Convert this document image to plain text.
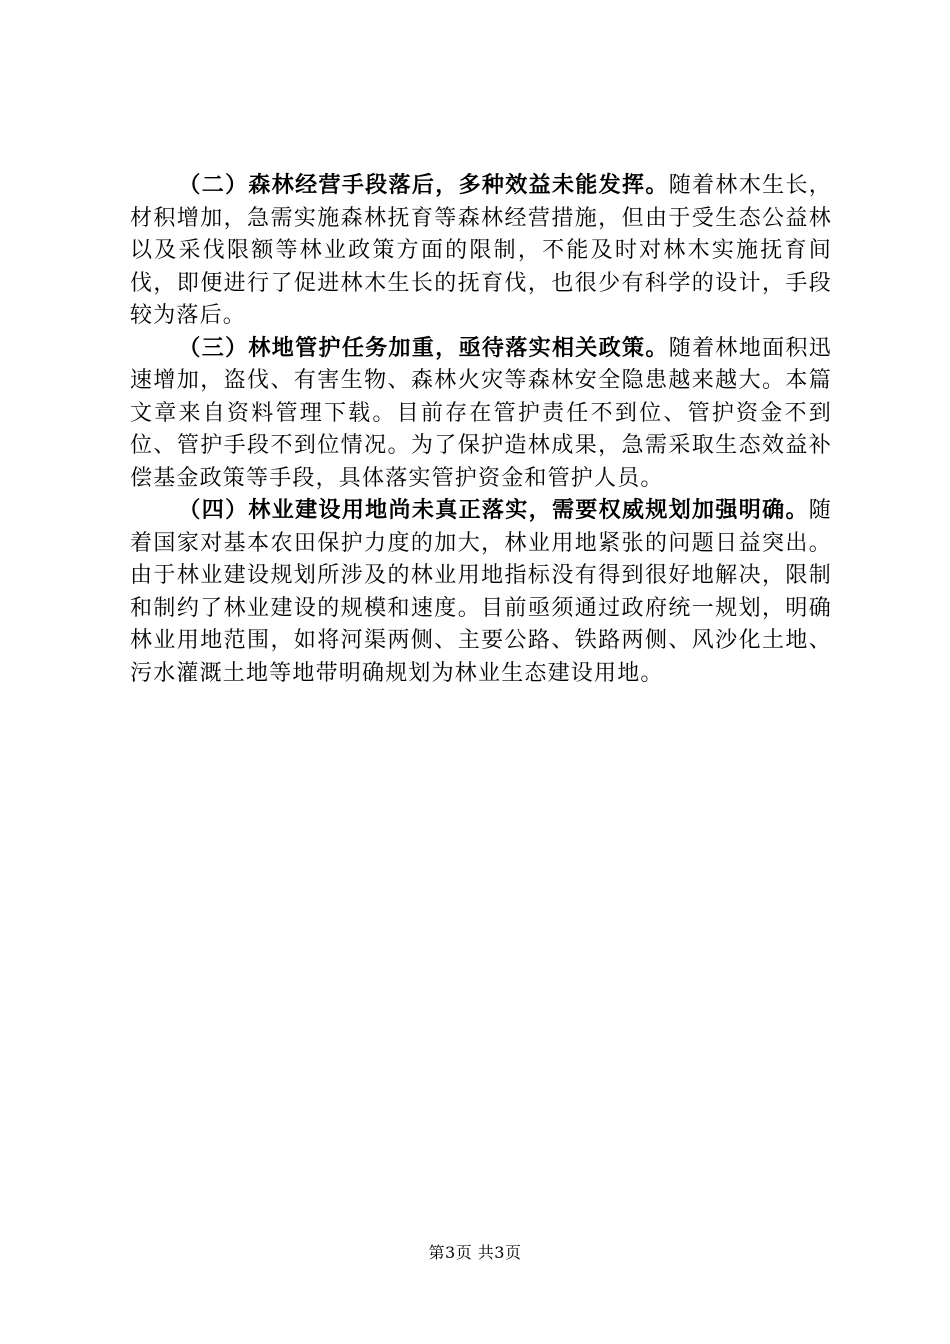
（二）森林经营手段落后，多种效益未能发挥。随着林木生长，材积增加，急需实施森林抚育等森林经营措施，但由于受生态公益林以及采伐限额等林业政策方面的限制，不能及时对林木实施抚育间伐，即便进行了促进林木生长的抚育伐，也很少有科学的设计，手段较为落后。

（三）林地管护任务加重，亟待落实相关政策。随着林地面积迅速增加，盗伐、有害生物、森林火灾等森林安全隐患越来越大。本篇文章来自资料管理下载。目前存在管护责任不到位、管护资金不到位、管护手段不到位情况。为了保护造林成果，急需采取生态效益补偿基金政策等手段，具体落实管护资金和管护人员。

（四）林业建设用地尚未真正落实，需要权威规划加强明确。随着国家对基本农田保护力度的加大，林业用地紧张的问题日益突出。由于林业建设规划所涉及的林业用地指标没有得到很好地解决，限制和制约了林业建设的规模和速度。目前亟须通过政府统一规划，明确林业用地范围，如将河渠两侧、主要公路、铁路两侧、风沙化土地、污水灌溉土地等地带明确规划为林业生态建设用地。

第3页 共3页
